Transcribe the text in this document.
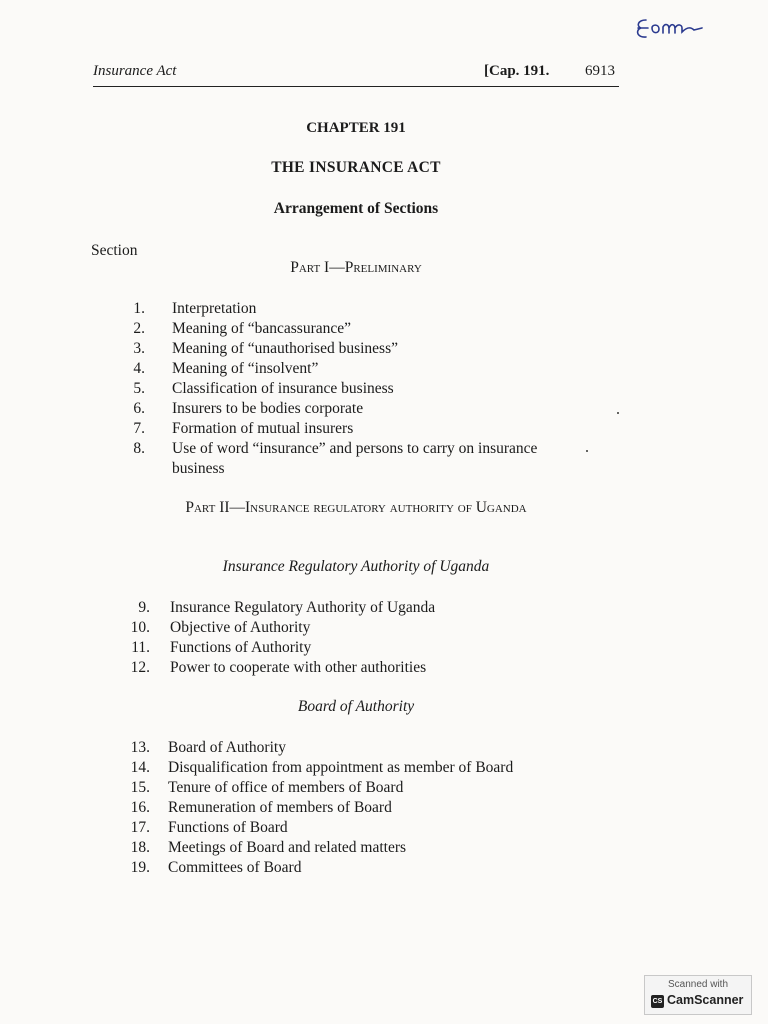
Insurance Act	[Cap. 191. 6913
CHAPTER 191
THE INSURANCE ACT
Arrangement of Sections
Section
Part I—Preliminary
1. Interpretation
2. Meaning of “bancassurance”
3. Meaning of “unauthorised business”
4. Meaning of “insolvent”
5. Classification of insurance business
6. Insurers to be bodies corporate
7. Formation of mutual insurers
8. Use of word “insurance” and persons to carry on insurance business
Part II—Insurance regulatory authority of Uganda
Insurance Regulatory Authority of Uganda
9. Insurance Regulatory Authority of Uganda
10. Objective of Authority
11. Functions of Authority
12. Power to cooperate with other authorities
Board of Authority
13. Board of Authority
14. Disqualification from appointment as member of Board
15. Tenure of office of members of Board
16. Remuneration of members of Board
17. Functions of Board
18. Meetings of Board and related matters
19. Committees of Board
Scanned with
CS CamScanner
